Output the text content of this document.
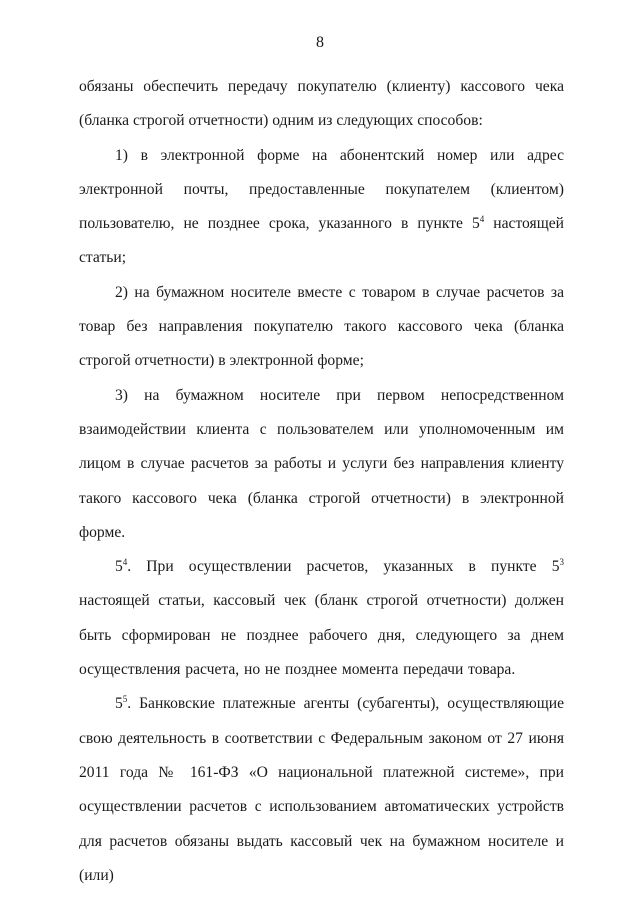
8

обязаны обеспечить передачу покупателю (клиенту) кассового чека (бланка строгой отчетности) одним из следующих способов:

1) в электронной форме на абонентский номер или адрес электронной почты, предоставленные покупателем (клиентом) пользователю, не позднее срока, указанного в пункте $5^4$ настоящей статьи;

2) на бумажном носителе вместе с товаром в случае расчетов за товар без направления покупателю такого кассового чека (бланка строгой отчетности) в электронной форме;

3) на бумажном носителе при первом непосредственном взаимодействии клиента с пользователем или уполномоченным им лицом в случае расчетов за работы и услуги без направления клиенту такого кассового чека (бланка строгой отчетности) в электронной форме.

$5^4$. При осуществлении расчетов, указанных в пункте $5^3$ настоящей статьи, кассовый чек (бланк строгой отчетности) должен быть сформирован не позднее рабочего дня, следующего за днем осуществления расчета, но не позднее момента передачи товара.

$5^5$. Банковские платежные агенты (субагенты), осуществляющие свою деятельность в соответствии с Федеральным законом от 27 июня 2011 года № 161-ФЗ «О национальной платежной системе», при осуществлении расчетов с использованием автоматических устройств для расчетов обязаны выдать кассовый чек на бумажном носителе и (или)
